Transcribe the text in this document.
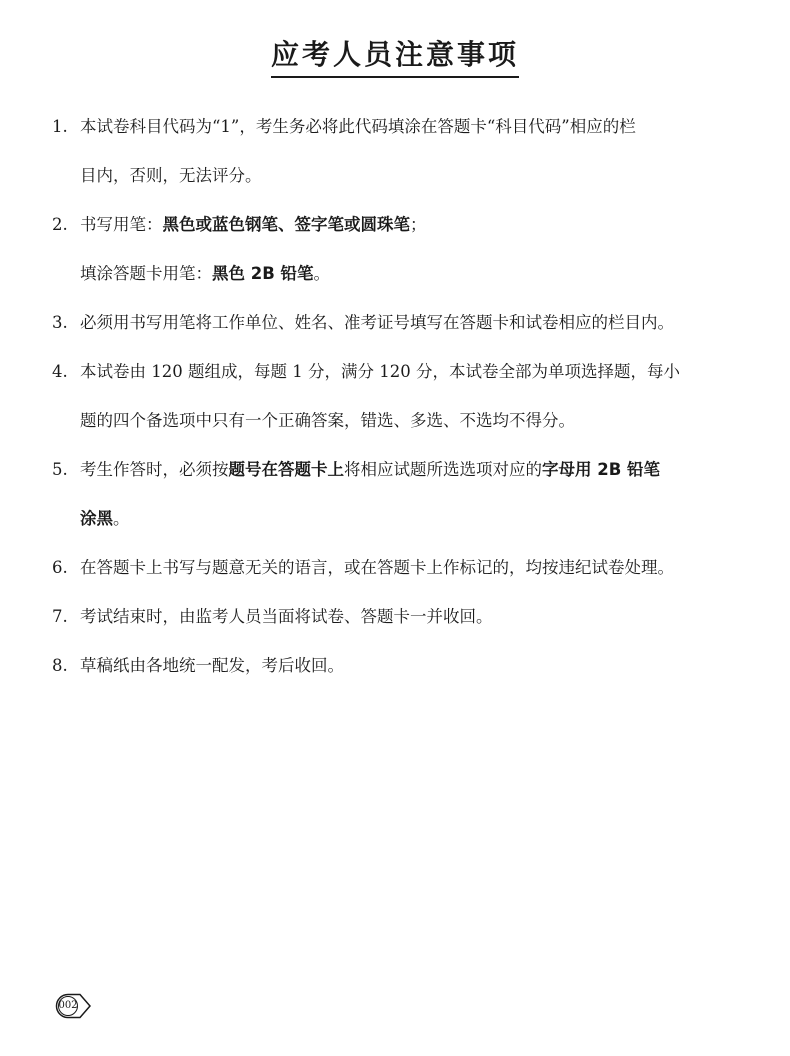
应考人员注意事项
1. 本试卷科目代码为“1”，考生务必将此代码填涂在答题卡“科目代码”相应的栏
目内，否则，无法评分。
2. 书写用笔：黑色或蓝色钢笔、签字笔或圆珠笔；
填涂答题卡用笔：黑色 2B 铅笔。
3. 必须用书写用笔将工作单位、姓名、准考证号填写在答题卡和试卷相应的栏目内。
4. 本试卷由 120 题组成，每题 1 分，满分 120 分，本试卷全部为单项选择题，每小
题的四个备选项中只有一个正确答案，错选、多选、不选均不得分。
5. 考生作答时，必须按题号在答题卡上将相应试题所选选项对应的字母用 2B 铅笔
涂黑。
6. 在答题卡上书写与题意无关的语言，或在答题卡上作标记的，均按违纪试卷处理。
7. 考试结束时，由监考人员当面将试卷、答题卡一并收回。
8. 草稿纸由各地统一配发，考后收回。
002
